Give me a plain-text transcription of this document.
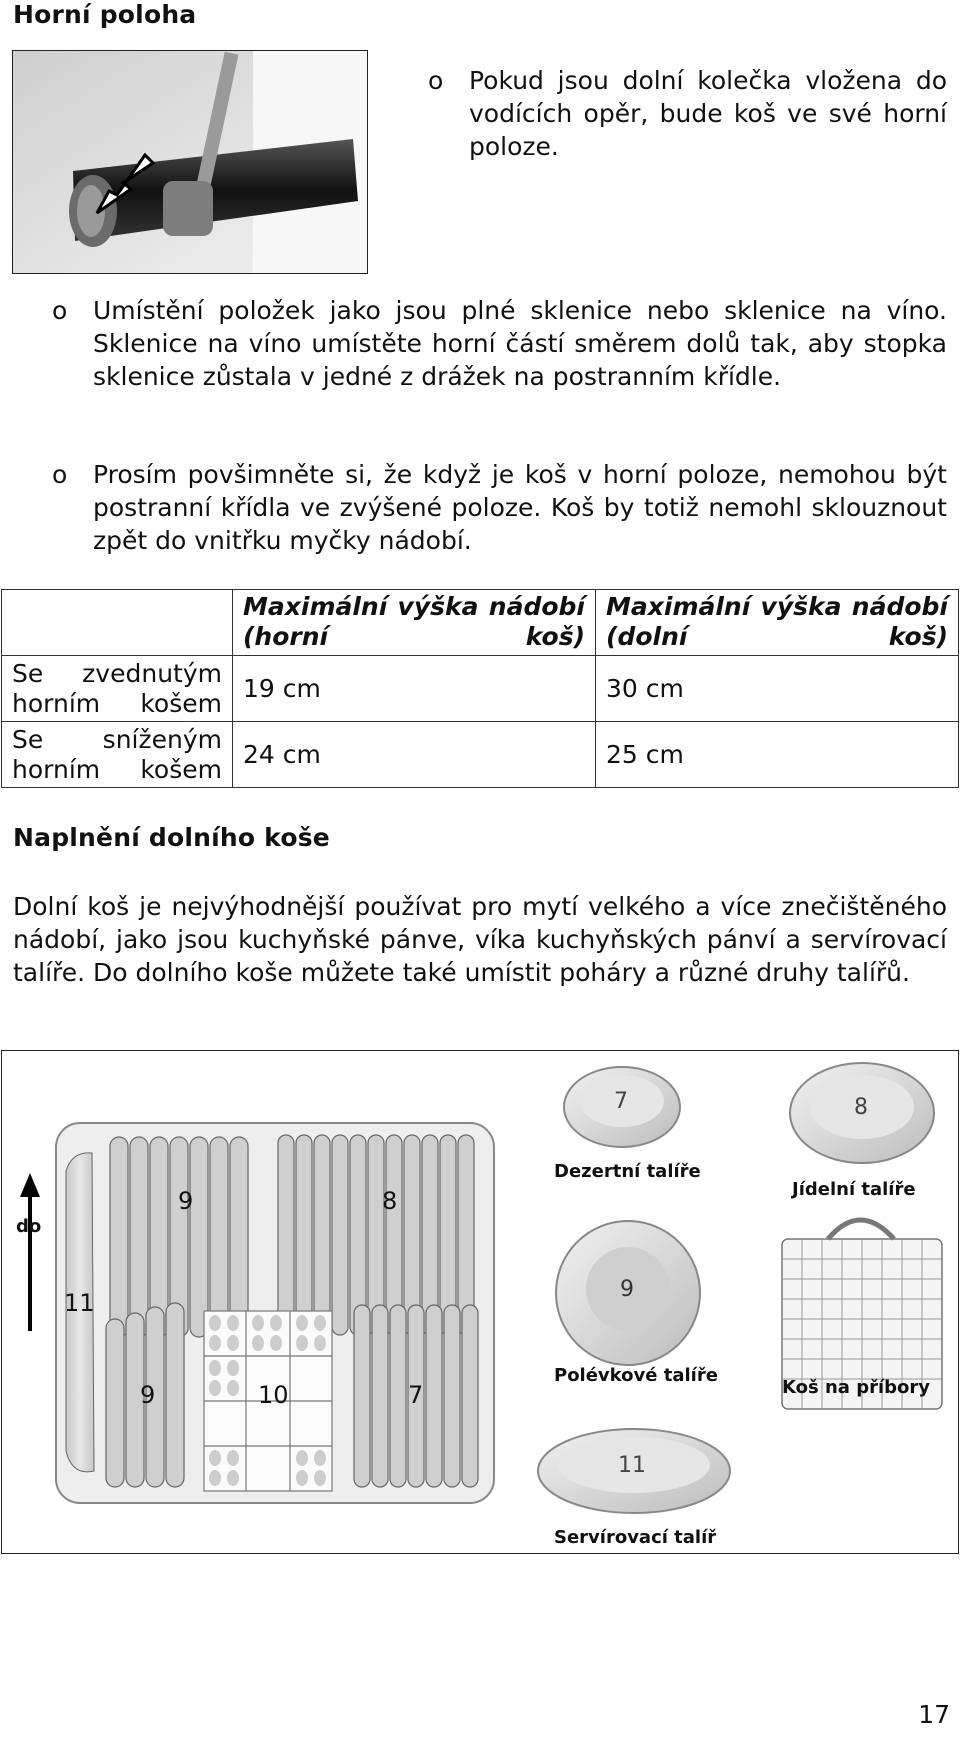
Horní poloha
o Pokud jsou dolní kolečka vložena do vodících opěr, bude koš ve své horní poloze.

o Umístění položek jako jsou plné sklenice nebo sklenice na víno. Sklenice na víno umístěte horní částí směrem dolů tak, aby stopka sklenice zůstala v jedné z drážek na postranním křídle.

o Prosím povšimněte si, že když je koš v horní poloze, nemohou být postranní křídla ve zvýšené poloze. Koš by totiž nemohl sklouznout zpět do vnitřku myčky nádobí.

	Maximální výška nádobí (horní koš)	Maximální výška nádobí (dolní koš)
Se zvednutým horním košem	19 cm	30 cm
Se sníženým horním košem	24 cm	25 cm
Naplnění dolního koše

Dolní koš je nejvýhodnější používat pro mytí velkého a více znečištěného nádobí, jako jsou kuchyňské pánve, víka kuchyňských pánví a servírovací talíře. Do dolního koše můžete také umístit poháry a různé druhy talířů.

do
9	8
11
9	10	7
7	8
9
11
Dezertní talíře
Jídelní talíře
Polévkové talíře
Koš na příbory
Servírovací talíř
17
